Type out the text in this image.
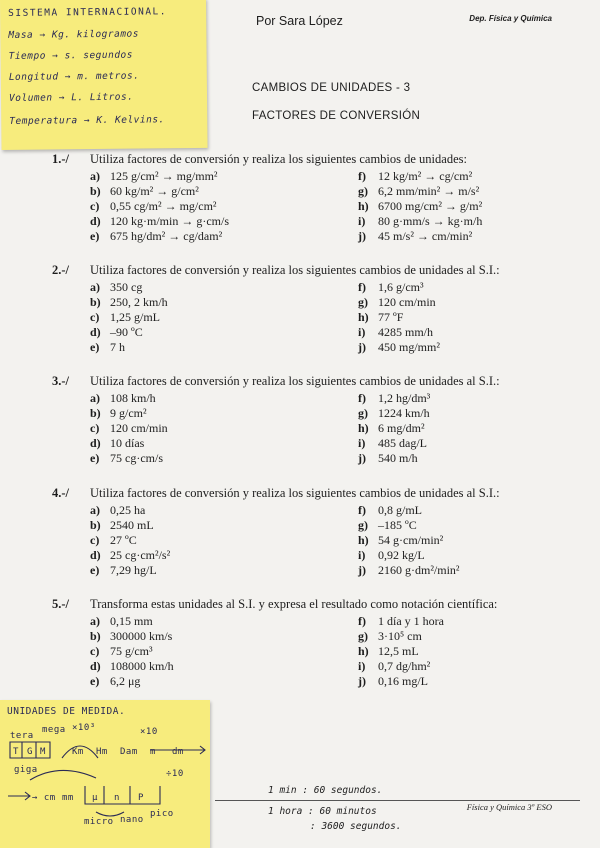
SISTEMA INTERNACIONAL.
Masa → Kg. kilogramos
Tiempo → s. segundos
Longitud → m. metros.
Volumen → L. Litros.
Temperatura → K. Kelvins.
Por Sara López	Dep. Física y Química
CAMBIOS DE UNIDADES - 3
FACTORES DE CONVERSIÓN
1.-/ Utiliza factores de conversión y realiza los siguientes cambios de unidades:
a) 125 g/cm² → mg/mm²
b) 60 kg/m² → g/cm²
c) 0,55 cg/m² → mg/cm²
d) 120 kg·m/min → g·cm/s
e) 675 hg/dm² → cg/dam²
f) 12 kg/m² → cg/cm²
g) 6,2 mm/min² → m/s²
h) 6700 mg/cm² → g/m²
i) 80 g·mm/s → kg·m/h
j) 45 m/s² → cm/min²
2.-/ Utiliza factores de conversión y realiza los siguientes cambios de unidades al S.I.:
a) 350 cg
b) 250, 2 km/h
c) 1,25 g/mL
d) –90 ºC
e) 7 h
f) 1,6 g/cm³
g) 120 cm/min
h) 77 ºF
i) 4285 mm/h
j) 450 mg/mm²
3.-/ Utiliza factores de conversión y realiza los siguientes cambios de unidades al S.I.:
a) 108 km/h
b) 9 g/cm²
c) 120 cm/min
d) 10 días
e) 75 cg·cm/s
f) 1,2 hg/dm³
g) 1224 km/h
h) 6 mg/dm²
i) 485 dag/L
j) 540 m/h
4.-/ Utiliza factores de conversión y realiza los siguientes cambios de unidades al S.I.:
a) 0,25 ha
b) 2540 mL
c) 27 ºC
d) 25 cg·cm²/s²
e) 7,29 hg/L
f) 0,8 g/mL
g) –185 ºC
h) 54 g·cm/min²
i) 0,92 kg/L
j) 2160 g·dm²/min²
5.-/ Transforma estas unidades al S.I. y expresa el resultado como notación científica:
a) 0,15 mm
b) 300000 km/s
c) 75 g/cm³
d) 108000 km/h
e) 6,2 μg
f) 1 día y 1 hora
g) 3·10⁵ cm
h) 12,5 mL
i) 0,7 dg/hm²
j) 0,16 mg/L
UNIDADES DE MEDIDA.
tera
mega ×10³	×10
T G M	Km Hm Dam m dm
giga	÷10
→ cm mm μ n P
micro nano
pico
1 min : 60 segundos.
1 hora : 60 minutos
: 3600 segundos.
Física y Química 3º ESO
